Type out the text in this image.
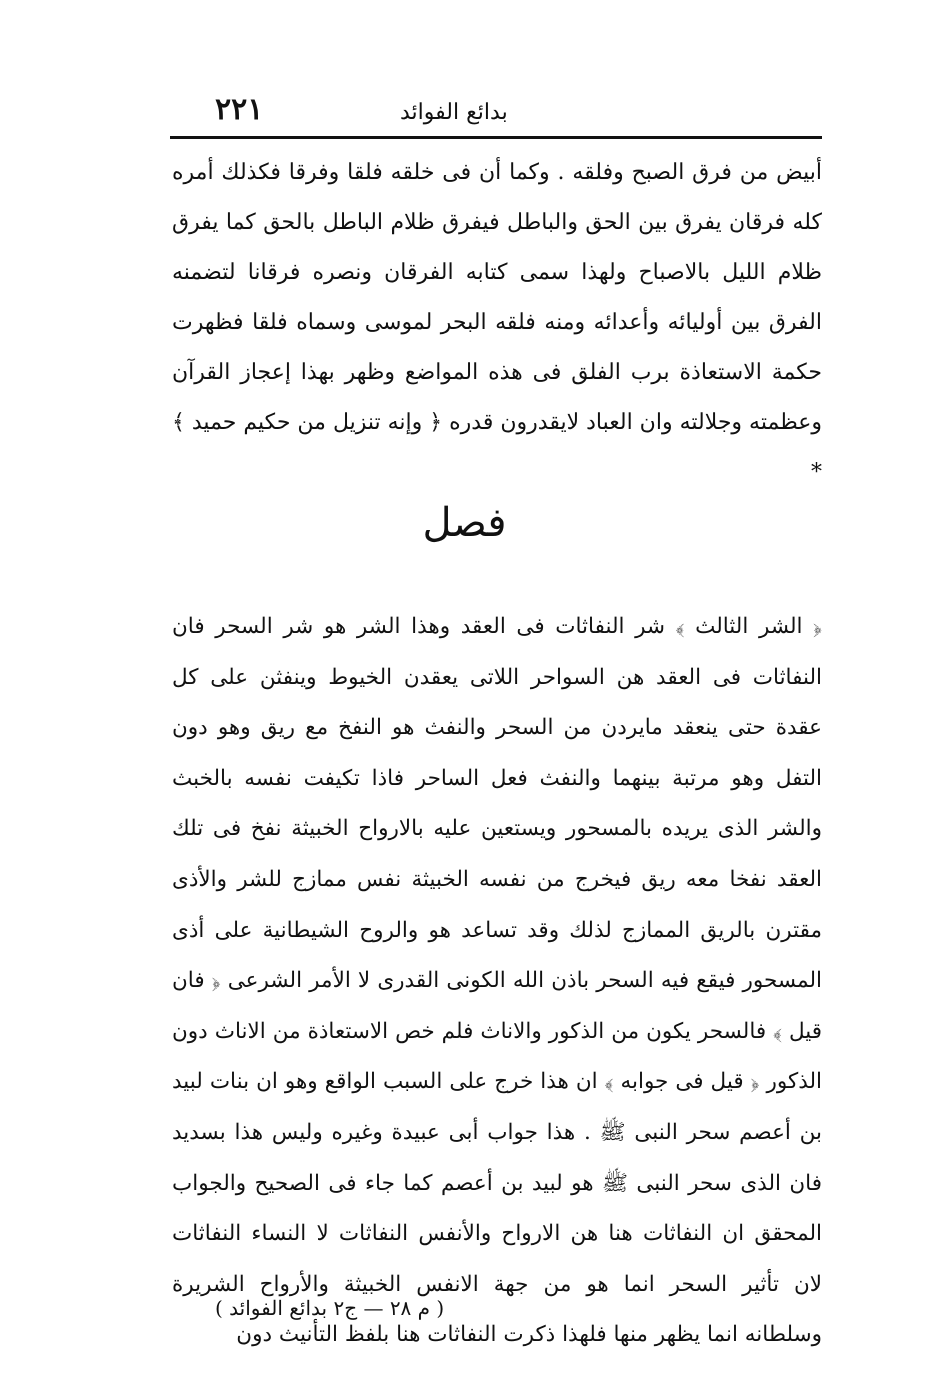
٢٢١	بدائع الفوائد

أبيض من فرق الصبح وفلقه . وكما أن فى خلقه فلقا وفرقا فكذلك أمره كله فرقان يفرق بين الحق والباطل فيفرق ظلام الباطل بالحق كما يفرق ظلام الليل بالاصباح ولهذا سمى كتابه الفرقان ونصره فرقانا لتضمنه الفرق بين أوليائه وأعدائه ومنه فلقه البحر لموسى وسماه فلقا فظهرت حكمة الاستعاذة برب الفلق فى هذه المواضع وظهر بهذا إعجاز القرآن وعظمته وجلالته وان العباد لايقدرون قدره ﴿ وإنه تنزيل من حكيم حميد ﴾ *

فصل

﴿ الشر الثالث ﴾ شر النفاثات فى العقد وهذا الشر هو شر السحر فان النفاثات فى العقد هن السواحر اللاتى يعقدن الخيوط وينفثن على كل عقدة حتى ينعقد مايردن من السحر والنفث هو النفخ مع ريق وهو دون التفل وهو مرتبة بينهما والنفث فعل الساحر فاذا تكيفت نفسه بالخبث والشر الذى يريده بالمسحور ويستعين عليه بالارواح الخبيثة نفخ فى تلك العقد نفخا معه ريق فيخرج من نفسه الخبيثة نفس ممازج للشر والأذى مقترن بالريق الممازج لذلك وقد تساعد هو والروح الشيطانية على أذى المسحور فيقع فيه السحر باذن الله الكونى القدرى لا الأمر الشرعى ﴿ فان قيل ﴾ فالسحر يكون من الذكور والاناث فلم خص الاستعاذة من الاناث دون الذكور ﴿ قيل فى جوابه ﴾ ان هذا خرج على السبب الواقع وهو ان بنات لبيد بن أعصم سحر النبى ﷺ . هذا جواب أبى عبيدة وغيره وليس هذا بسديد فان الذى سحر النبى ﷺ هو لبيد بن أعصم كما جاء فى الصحيح والجواب المحقق ان النفاثات هنا هن الارواح والأنفس النفاثات لا النساء النفاثات لان تأثير السحر انما هو من جهة الانفس الخبيثة والأرواح الشريرة وسلطانه انما يظهر منها فلهذا ذكرت النفاثات هنا بلفظ التأنيث دون

( م ٢٨ — ج٢ بدائع الفوائد )
